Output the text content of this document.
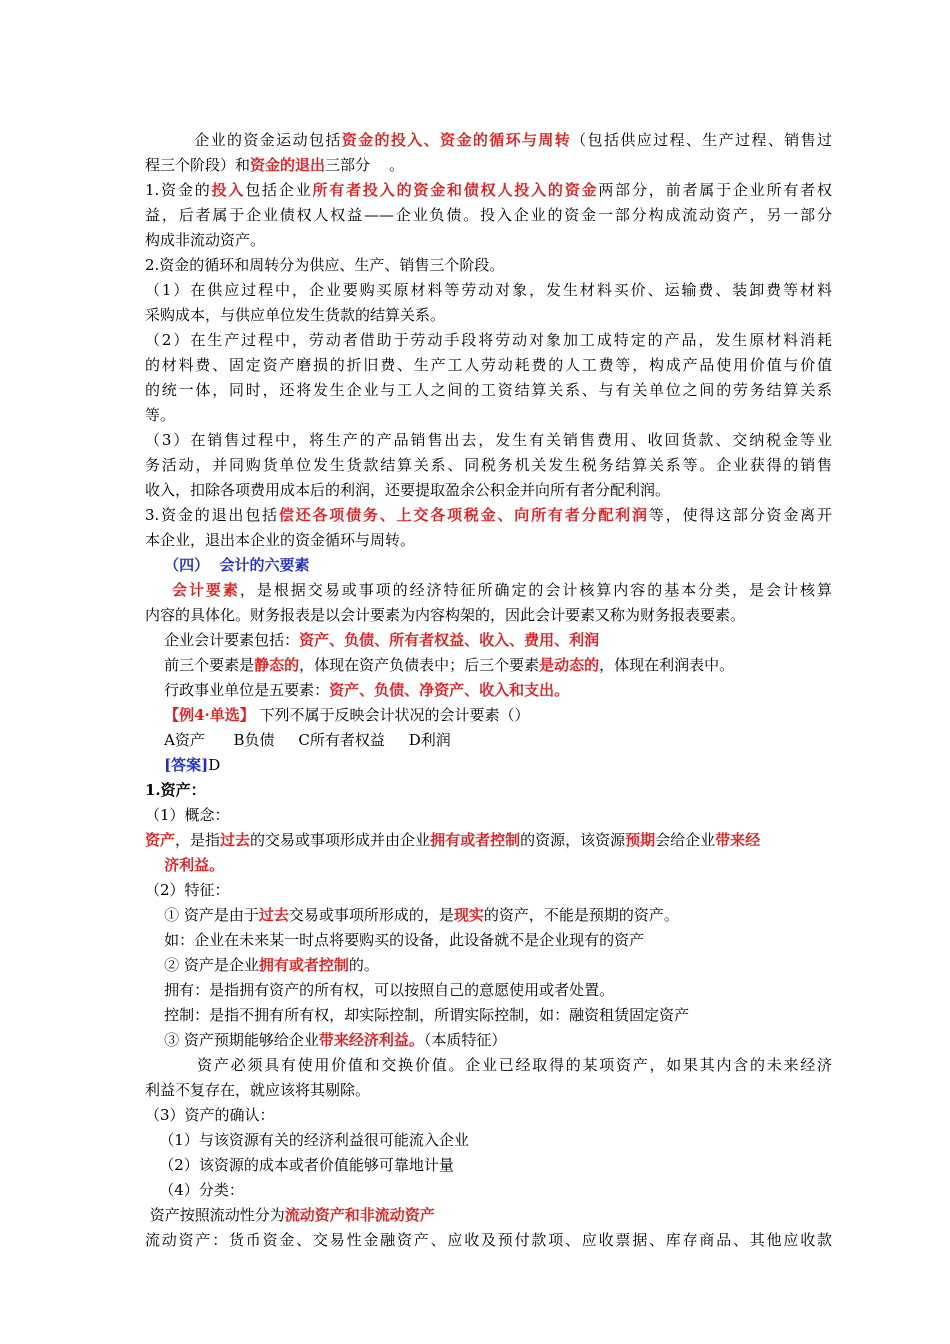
企业的资金运动包括资金的投入、资金的循环与周转（包括供应过程、生产过程、销售过
程三个阶段）和资金的退出三部分    。
1.资金的投入包括企业所有者投入的资金和债权人投入的资金两部分，前者属于企业所有者权
益，后者属于企业债权人权益——企业负债。投入企业的资金一部分构成流动资产，另一部分
构成非流动资产。
2.资金的循环和周转分为供应、生产、销售三个阶段。
（1）在供应过程中，企业要购买原材料等劳动对象，发生材料买价、运输费、装卸费等材料
采购成本，与供应单位发生货款的结算关系。
（2）在生产过程中，劳动者借助于劳动手段将劳动对象加工成特定的产品，发生原材料消耗
的材料费、固定资产磨损的折旧费、生产工人劳动耗费的人工费等，构成产品使用价值与价值
的统一体，同时，还将发生企业与工人之间的工资结算关系、与有关单位之间的劳务结算关系
等。
（3）在销售过程中，将生产的产品销售出去，发生有关销售费用、收回货款、交纳税金等业
务活动，并同购货单位发生货款结算关系、同税务机关发生税务结算关系等。企业获得的销售
收入，扣除各项费用成本后的利润，还要提取盈余公积金并向所有者分配利润。
3.资金的退出包括偿还各项债务、上交各项税金、向所有者分配利润等，使得这部分资金离开
本企业，退出本企业的资金循环与周转。
（四）  会计的六要素
会计要素，是根据交易或事项的经济特征所确定的会计核算内容的基本分类，是会计核算
内容的具体化。财务报表是以会计要素为内容构架的，因此会计要素又称为财务报表要素。
企业会计要素包括：资产、负债、所有者权益、收入、费用、利润
前三个要素是静态的，体现在资产负债表中；后三个要素是动态的，体现在利润表中。
行政事业单位是五要素：资产、负债、净资产、收入和支出。
【例4·单选】 下列不属于反映会计状况的会计要素（）
A资产      B负债     C所有者权益     D利润
[答案]D
1.资产：
（1）概念：
资产，是指过去的交易或事项形成并由企业拥有或者控制的资源，该资源预期会给企业带来经
济利益。
（2）特征：
① 资产是由于过去交易或事项所形成的，是现实的资产，不能是预期的资产。
如：企业在未来某一时点将要购买的设备，此设备就不是企业现有的资产
② 资产是企业拥有或者控制的。
拥有：是指拥有资产的所有权，可以按照自己的意愿使用或者处置。
控制：是指不拥有所有权，却实际控制，所谓实际控制，如：融资租赁固定资产
③ 资产预期能够给企业带来经济利益。（本质特征）
资产必须具有使用价值和交换价值。企业已经取得的某项资产，如果其内含的未来经济
利益不复存在，就应该将其剔除。
（3）资产的确认：
（1）与该资源有关的经济利益很可能流入企业
（2）该资源的成本或者价值能够可靠地计量
（4）分类：
资产按照流动性分为流动资产和非流动资产
流动资产：货币资金、交易性金融资产、应收及预付款项、应收票据、库存商品、其他应收款
